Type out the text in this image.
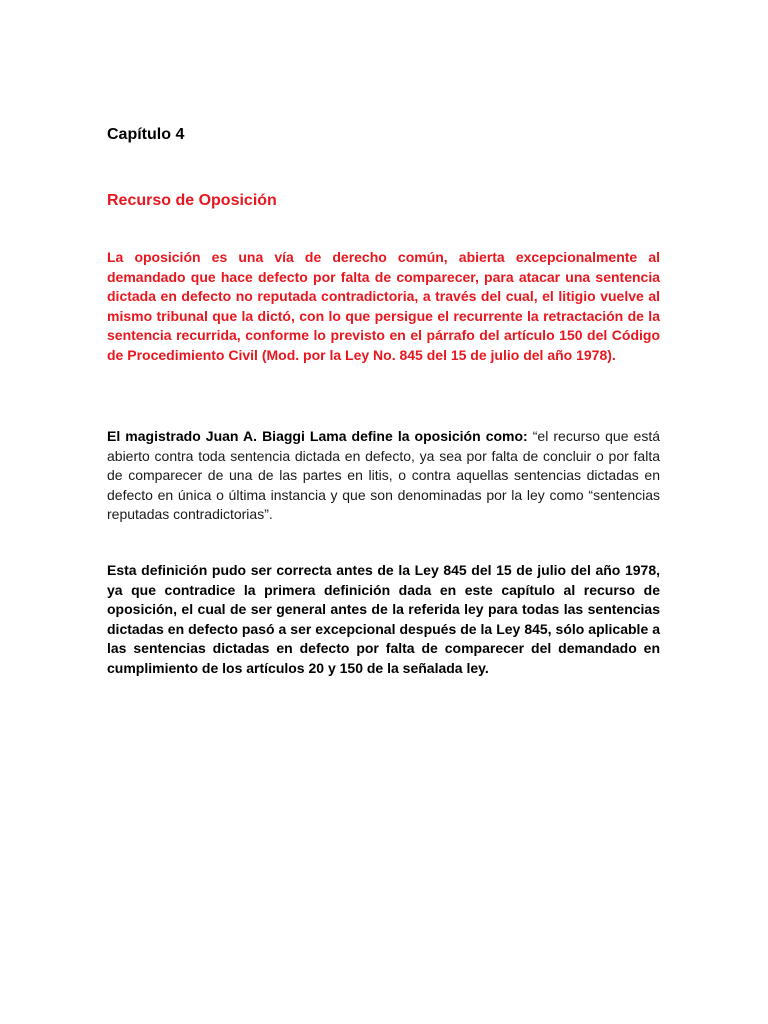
Capítulo 4
Recurso de Oposición

La oposición es una vía de derecho común, abierta excepcionalmente al demandado que hace defecto por falta de comparecer, para atacar una sentencia dictada en defecto no reputada contradictoria, a través del cual, el litigio vuelve al mismo tribunal que la dictó, con lo que persigue el recurrente la retractación de la sentencia recurrida, conforme lo previsto en el párrafo del artículo 150 del Código de Procedimiento Civil (Mod. por la Ley No. 845 del 15 de julio del año 1978).

El magistrado Juan A. Biaggi Lama define la oposición como: “el recurso que está abierto contra toda sentencia dictada en defecto, ya sea por falta de concluir o por falta de comparecer de una de las partes en litis, o contra aquellas sentencias dictadas en defecto en única o última instancia y que son denominadas por la ley como “sentencias reputadas contradictorias”.

Esta definición pudo ser correcta antes de la Ley 845 del 15 de julio del año 1978, ya que contradice la primera definición dada en este capítulo al recurso de oposición, el cual de ser general antes de la referida ley para todas las sentencias dictadas en defecto pasó a ser excepcional después de la Ley 845, sólo aplicable a las sentencias dictadas en defecto por falta de comparecer del demandado en cumplimiento de los artículos 20 y 150 de la señalada ley.
